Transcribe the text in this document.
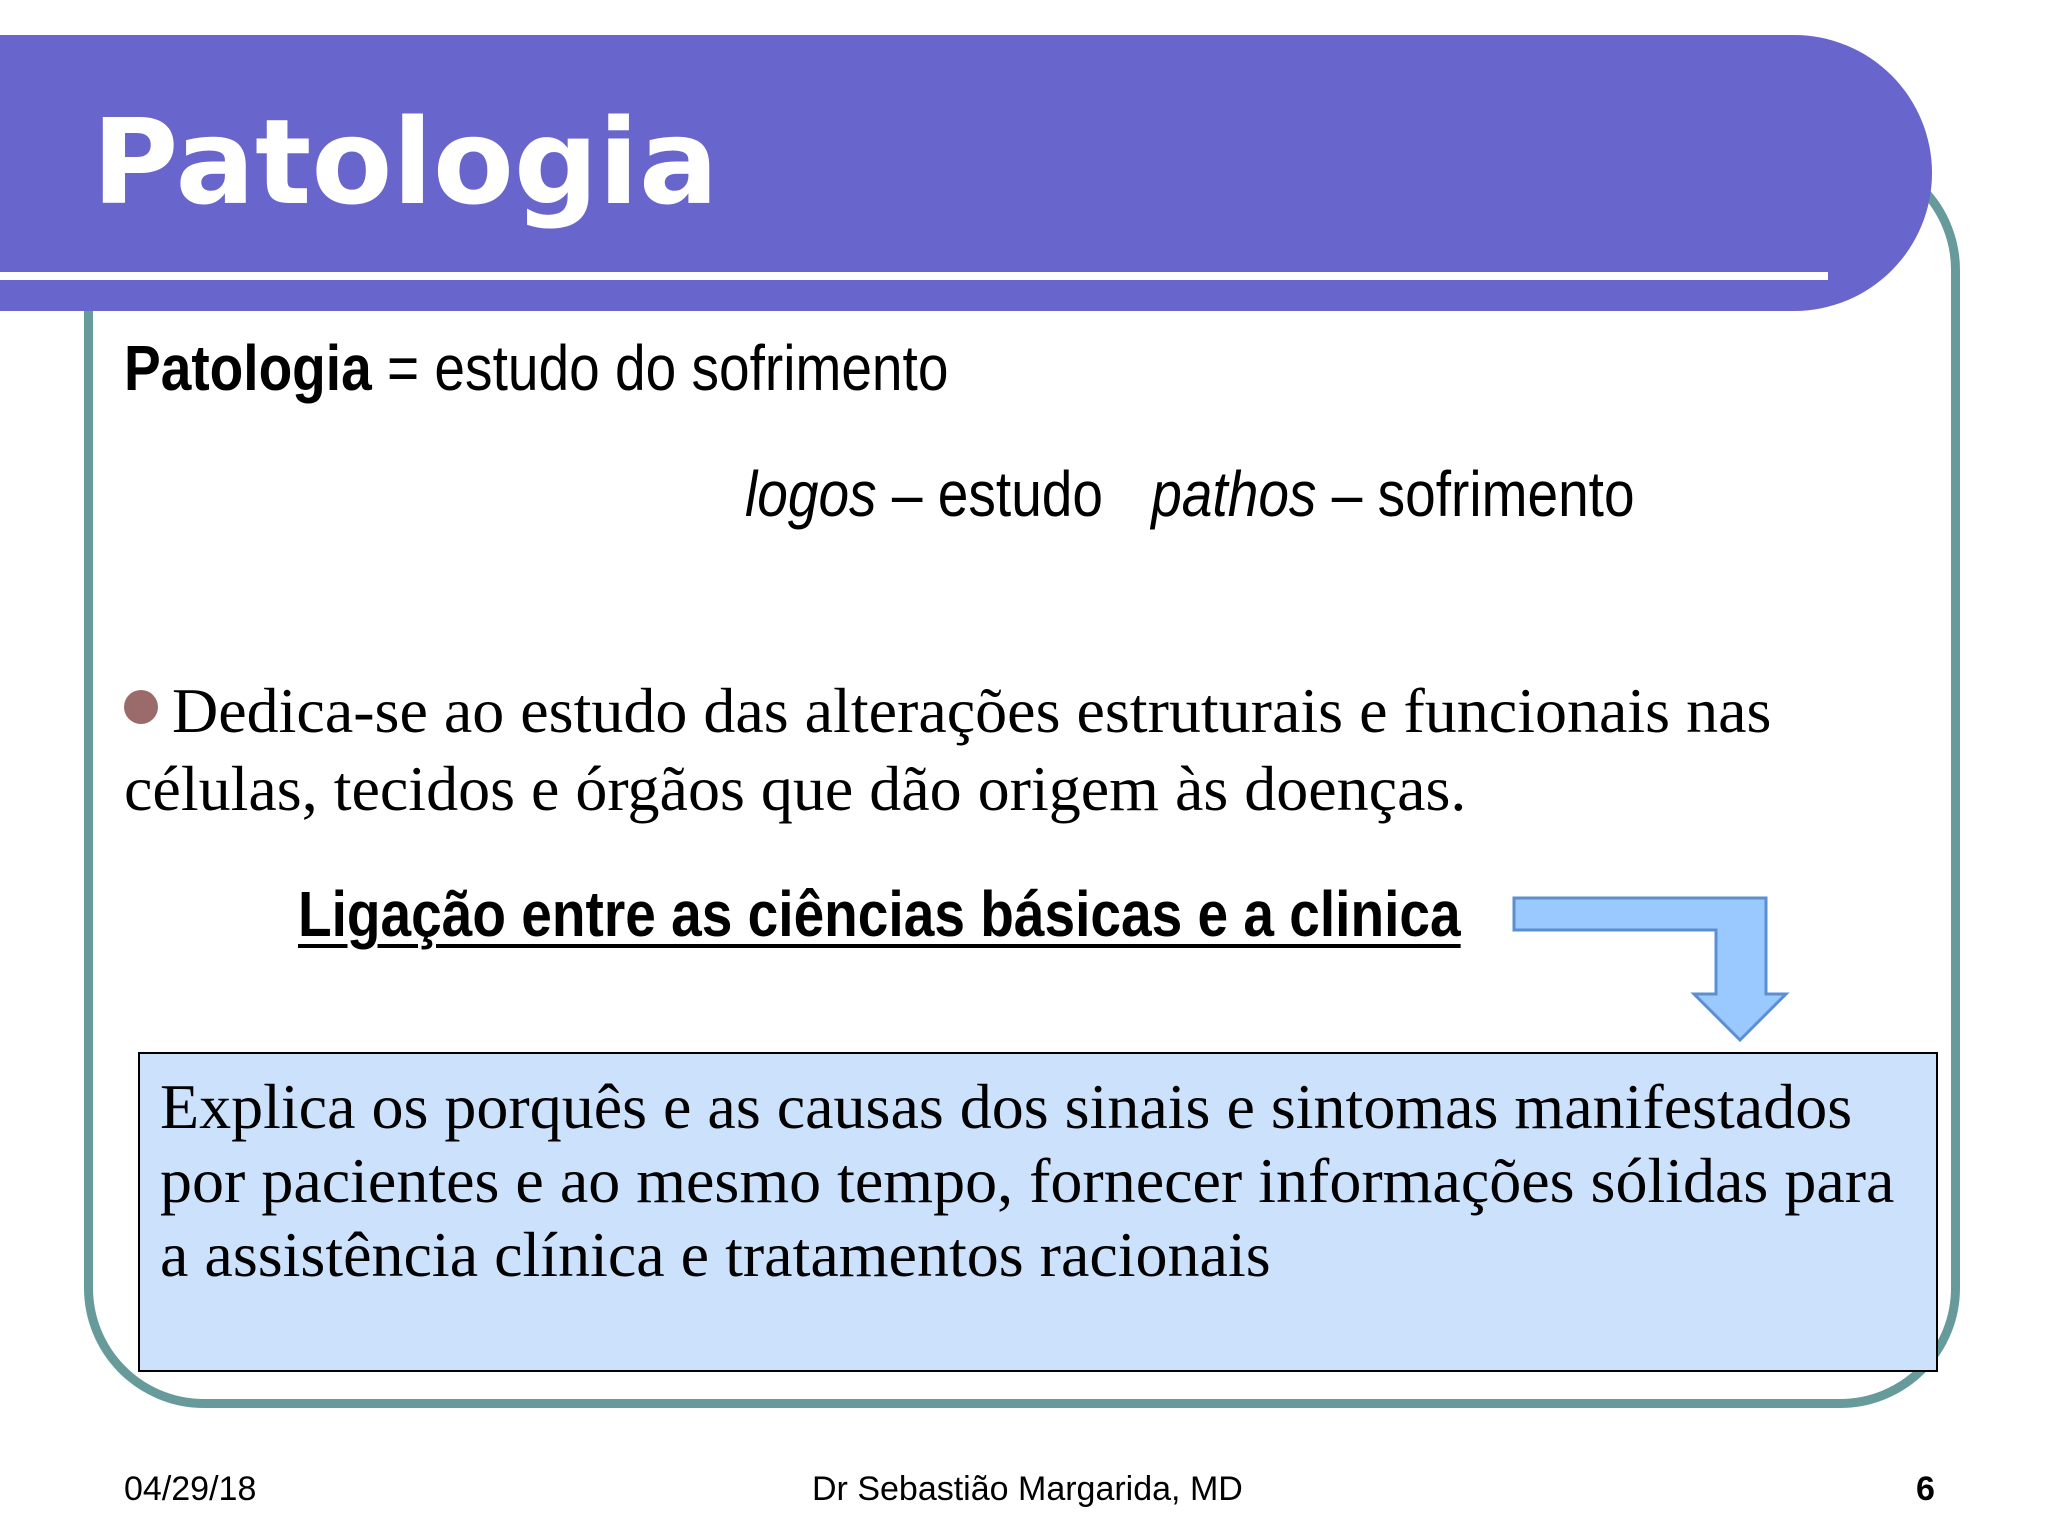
Patologia
Patologia = estudo do sofrimento
logos – estudo pathos – sofrimento

Dedica-se ao estudo das alterações estruturais e funcionais nas células, tecidos e órgãos que dão origem às doenças.

Ligação entre as ciências básicas e a clinica
Explica os porquês e as causas dos sinais e sintomas manifestados por pacientes e ao mesmo tempo, fornecer informações sólidas para a assistência clínica e tratamentos racionais
04/29/18	Dr Sebastião Margarida, MD	6
